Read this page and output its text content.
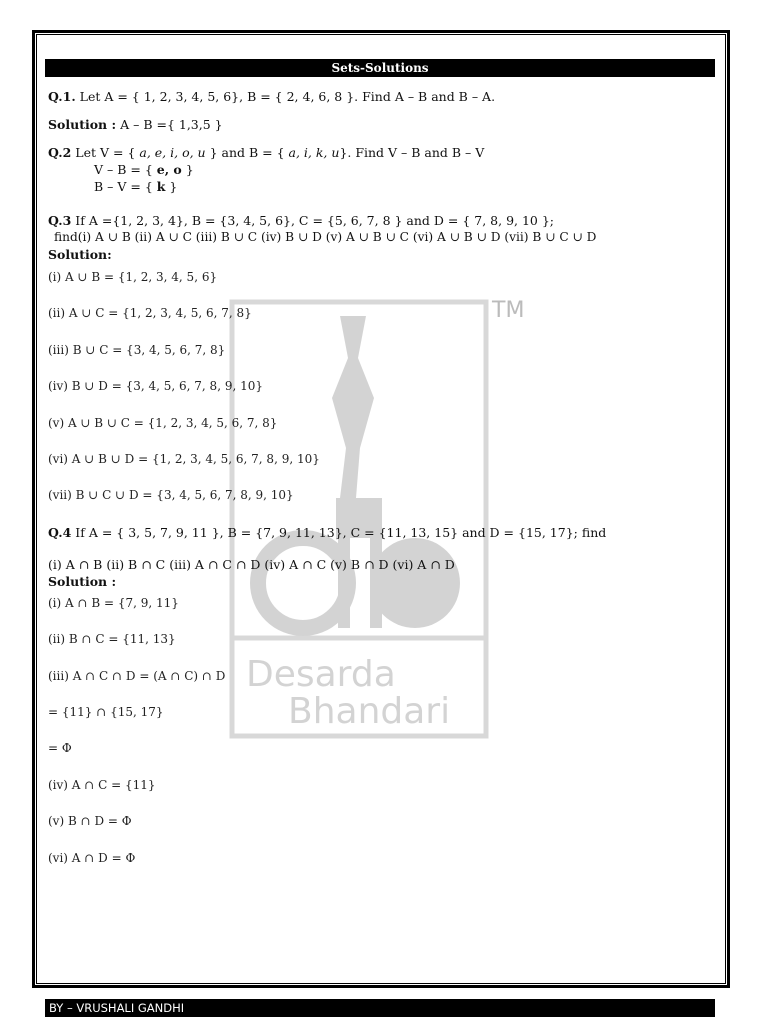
Desarda
Bhandari
TM
Sets-Solutions
Q.1. Let A = { 1, 2, 3, 4, 5, 6}, B = { 2, 4, 6, 8 }. Find A – B and B – A.
Solution : A – B ={ 1,3,5 }
Q.2 Let V = { a, e, i, o, u } and B = { a, i, k, u}. Find V – B and B – V
V – B = { e, o }
B – V = { k }
Q.3 If A ={1, 2, 3, 4}, B = {3, 4, 5, 6}, C = {5, 6, 7, 8 } and D = { 7, 8, 9, 10 };
find(i) A ∪ B (ii) A ∪ C (iii) B ∪ C (iv) B ∪ D (v) A ∪ B ∪ C (vi) A ∪ B ∪ D (vii) B ∪ C ∪ D
Solution:
(i) A ∪ B = {1, 2, 3, 4, 5, 6}
(ii) A ∪ C = {1, 2, 3, 4, 5, 6, 7, 8}
(iii) B ∪ C = {3, 4, 5, 6, 7, 8}
(iv) B ∪ D = {3, 4, 5, 6, 7, 8, 9, 10}
(v) A ∪ B ∪ C = {1, 2, 3, 4, 5, 6, 7, 8}
(vi) A ∪ B ∪ D = {1, 2, 3, 4, 5, 6, 7, 8, 9, 10}
(vii) B ∪ C ∪ D = {3, 4, 5, 6, 7, 8, 9, 10}
Q.4 If A = { 3, 5, 7, 9, 11 }, B = {7, 9, 11, 13}, C = {11, 13, 15} and D = {15, 17}; find
(i) A ∩ B (ii) B ∩ C (iii) A ∩ C ∩ D (iv) A ∩ C (v) B ∩ D (vi) A ∩ D
Solution :
(i) A ∩ B = {7, 9, 11}
(ii) B ∩ C = {11, 13}
(iii) A ∩ C ∩ D = (A ∩ C) ∩ D
= {11} ∩ {15, 17}
= Φ
(iv) A ∩ C = {11}
(v) B ∩ D = Φ
(vi) A ∩ D = Φ
BY – VRUSHALI GANDHI
